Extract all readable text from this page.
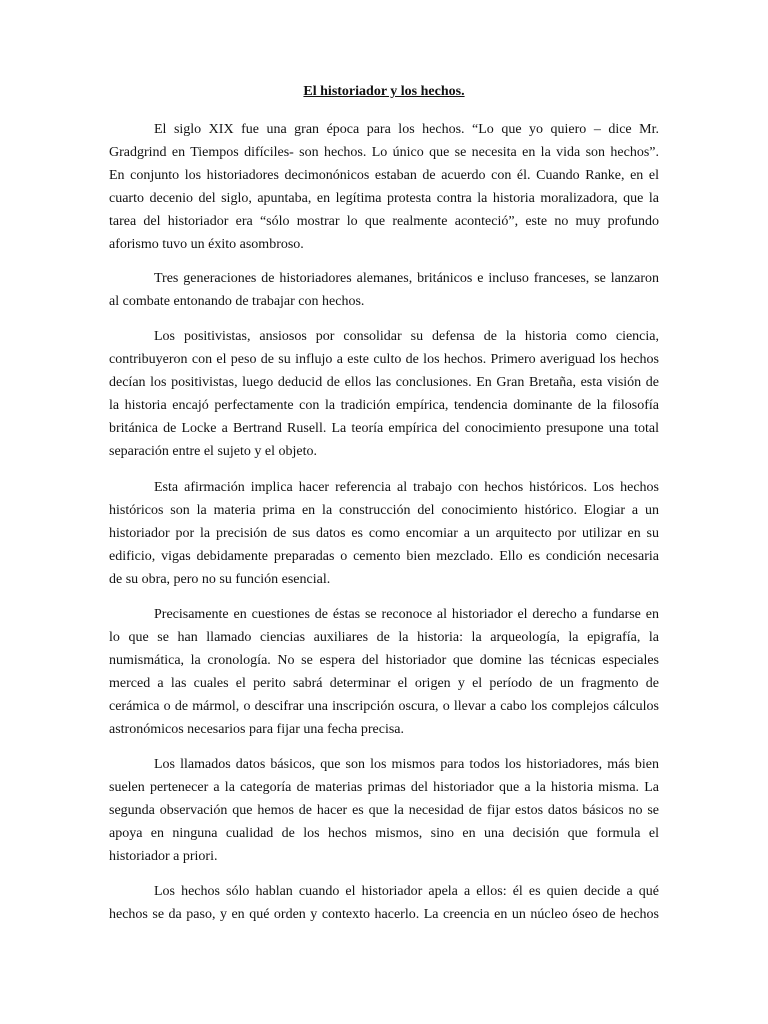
El historiador y los hechos.
El siglo XIX fue una gran época para los hechos. “Lo que yo quiero – dice Mr.
Gradgrind en Tiempos difíciles- son hechos. Lo único que se necesita en la vida son hechos”.
En conjunto los historiadores decimonónicos estaban de acuerdo con él. Cuando Ranke, en el
cuarto decenio del siglo, apuntaba, en legítima protesta contra la historia moralizadora, que la
tarea del historiador era “sólo mostrar lo que realmente aconteció”, este no muy profundo
aforismo tuvo un éxito asombroso.
Tres generaciones de historiadores alemanes, británicos e incluso franceses, se lanzaron
al combate entonando de trabajar con hechos.
Los positivistas, ansiosos por consolidar su defensa de la historia como ciencia,
contribuyeron con el peso de su influjo a este culto de los hechos. Primero averiguad los hechos
decían los positivistas, luego deducid de ellos las conclusiones. En Gran Bretaña, esta visión de
la historia encajó perfectamente con la tradición empírica, tendencia dominante de la filosofía
británica de Locke a Bertrand Rusell. La teoría empírica del conocimiento presupone una total
separación entre el sujeto y el objeto.
Esta afirmación implica hacer referencia al trabajo con hechos históricos. Los hechos
históricos son la materia prima en la construcción del conocimiento histórico. Elogiar a un
historiador por la precisión de sus datos es como encomiar a un arquitecto por utilizar en su
edificio, vigas debidamente preparadas o cemento bien mezclado. Ello es condición necesaria
de su obra, pero no su función esencial.
Precisamente en cuestiones de éstas se reconoce al historiador el derecho a fundarse en
lo que se han llamado ciencias auxiliares de la historia: la arqueología, la epigrafía, la
numismática, la cronología. No se espera del historiador que domine las técnicas especiales
merced a las cuales el perito sabrá determinar el origen y el período de un fragmento de
cerámica o de mármol, o descifrar una inscripción oscura, o llevar a cabo los complejos cálculos
astronómicos necesarios para fijar una fecha precisa.
Los llamados datos básicos, que son los mismos para todos los historiadores, más bien
suelen pertenecer a la categoría de materias primas del historiador que a la historia misma. La
segunda observación que hemos de hacer es que la necesidad de fijar estos datos básicos no se
apoya en ninguna cualidad de los hechos mismos, sino en una decisión que formula el
historiador a priori.
Los hechos sólo hablan cuando el historiador apela a ellos: él es quien decide a qué
hechos se da paso, y en qué orden y contexto hacerlo. La creencia en un núcleo óseo de hechos
